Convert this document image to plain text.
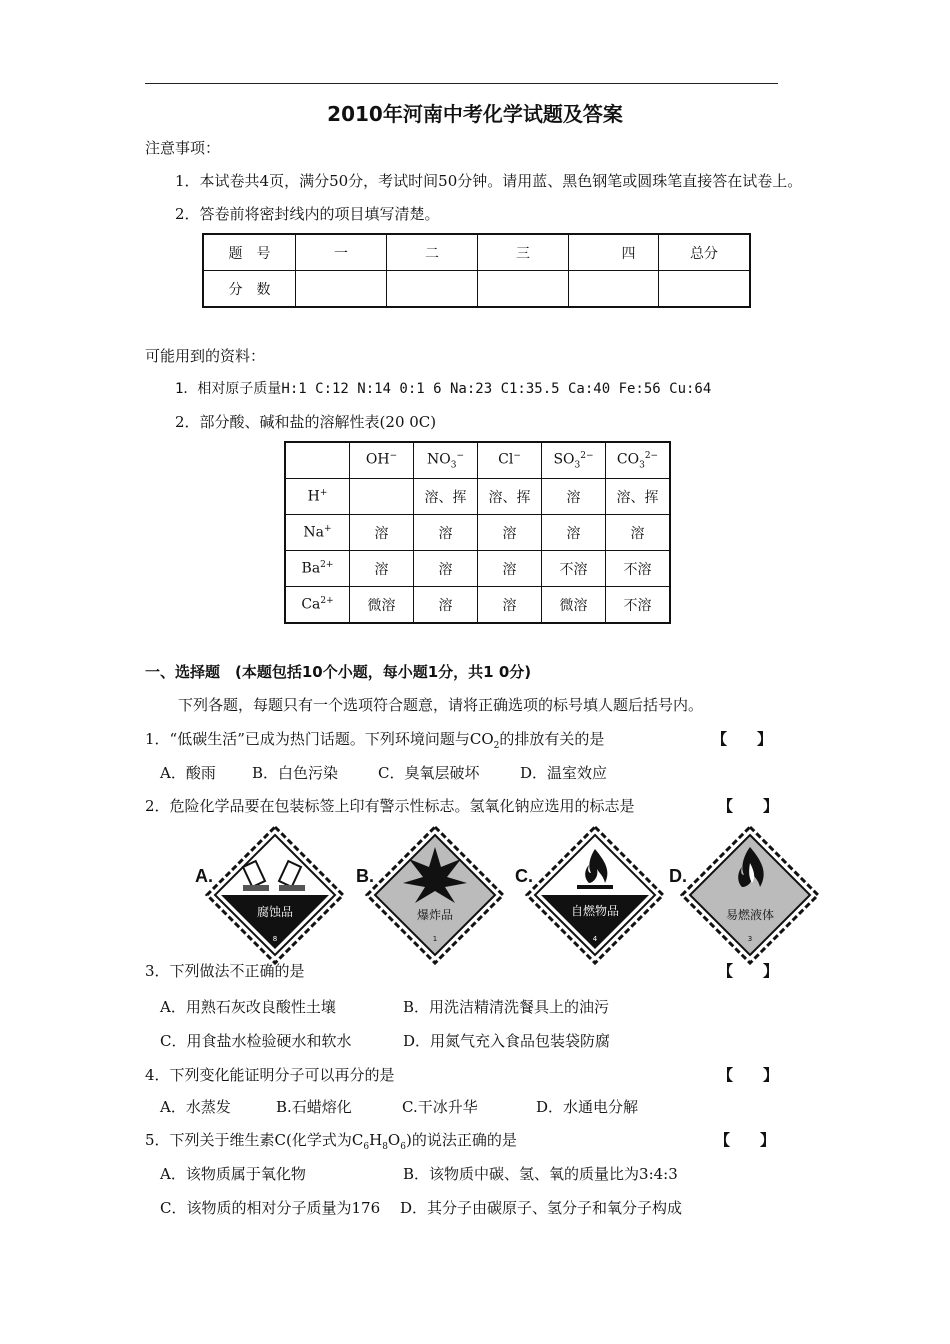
2010年河南中考化学试题及答案
注意事项：
1．本试卷共4页，满分50分，考试时间50分钟。请用蓝、黑色钢笔或圆珠笔直接答在试卷上。
2．答卷前将密封线内的项目填写清楚。
题　号	一	二	三	四	总分
分　数					
可能用到的资料：
1．相对原子质量H:1 C:12 N:14 0:1 6 Na:23 C1:35.5 Ca:40 Fe:56 Cu:64
2．部分酸、碱和盐的溶解性表(20 0C)
	OH−	$NO_3^-$	Cl−	$SO_3^{2-}$	$CO_3^{2-}$
H+		溶、挥	溶、挥	溶	溶、挥
Na+	溶	溶	溶	溶	溶
$Ba^{2+}$	溶	溶	溶	不溶	不溶
$Ca^{2+}$	微溶	溶	溶	微溶	不溶
一、选择题　(本题包括10个小题，每小题1分，共1 0分)
下列各题，每题只有一个选项符合题意，请将正确选项的标号填人题后括号内。
1．“低碳生活”已成为热门话题。下列环境问题与$CO_2$的排放有关的是	【　　】
A．酸雨 B．白色污染	C．臭氧层破坏	D．温室效应
2．危险化学品要在包装标签上印有警示性标志。氢氧化钠应选用的标志是	【　　】
A.
腐蚀品
8
B.
爆炸品
1
C.
自燃物品
4
D.
易燃液体
3
3．下列做法不正确的是	【　　】
A．用熟石灰改良酸性土壤	B．用洗洁精清洗餐具上的油污
C．用食盐水检验硬水和软水	D．用氮气充入食品包装袋防腐
4．下列变化能证明分子可以再分的是	【　　】
A．水蒸发	B.石蜡熔化	C.干冰升华	D．水通电分解
5．下列关于维生素C(化学式为$C_6H_8O_6$)的说法正确的是	【　　】
A．该物质属于氧化物	B．该物质中碳、氢、氧的质量比为3:4:3
C．该物质的相对分子质量为176 D．其分子由碳原子、氢分子和氧分子构成
